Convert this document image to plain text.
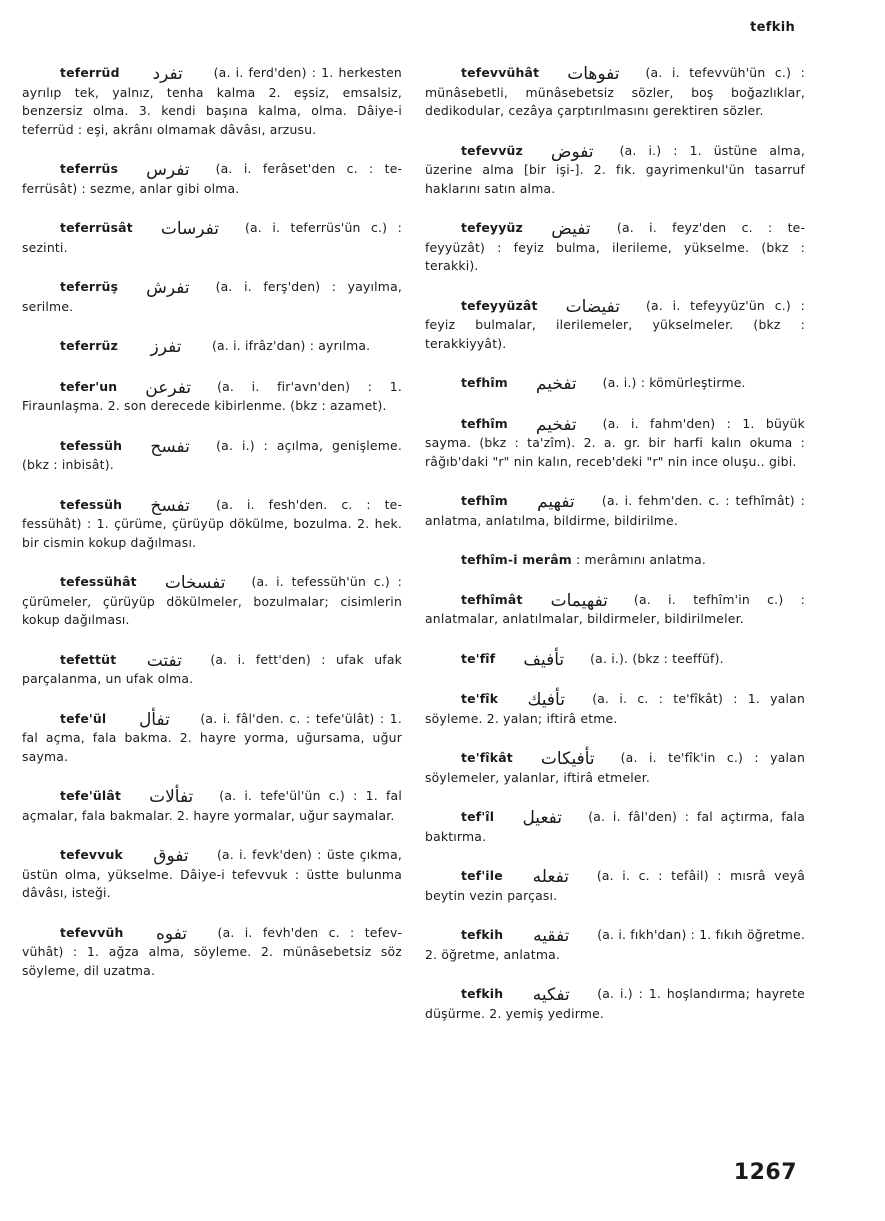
tefkih
teferrüd تفرد (a. i. ferd'den) : 1. herkesten ayrılıp tek, yalnız, tenha kalma 2. eşsiz, emsalsiz, benzersiz olma. 3. kendi başına kalma, olma. Dâiye-i teferrüd : eşi, akrânı olmamak dâvâsı, arzusu.
teferrüs تفرس (a. i. ferâset'den c. : teferrüsât) : sezme, anlar gibi olma.
teferrüsât تفرسات (a. i. teferrüs'ün c.) : sezinti.
teferrüş تفرش (a. i. ferş'den) : yayılma, serilme.
teferrüz تفرز (a. i. ifrâz'dan) : ayrılma.
tefer'un تفرعن (a. i. fir'avn'den) : 1. Firaunlaşma. 2. son derecede kibirlenme. (bkz : azamet).
tefessüh تفسح (a. i.) : açılma, genişleme. (bkz : inbisât).
tefessüh تفسخ (a. i. fesh'den. c. : tefessühât) : 1. çürüme, çürüyüp dökülme, bozulma. 2. hek. bir cismin kokup dağılması.
tefessühât تفسخات (a. i. tefessüh'ün c.) : çürümeler, çürüyüp dökülmeler, bozulmalar; cisimlerin kokup dağılması.
tefettüt تفتت (a. i. fett'den) : ufak ufak parçalanma, un ufak olma.
tefe'ül تفأل (a. i. fâl'den. c. : tefe'ülât) : 1. fal açma, fala bakma. 2. hayre yorma, uğursama, uğur sayma.
tefe'ülât تفألات (a. i. tefe'ül'ün c.) : 1. fal açmalar, fala bakmalar. 2. hayre yormalar, uğur saymalar.
tefevvuk تفوق (a. i. fevk'den) : üste çıkma, üstün olma, yükselme. Dâiye-i tefevvuk : üstte bulunma dâvâsı, isteği.
tefevvüh تفوه (a. i. fevh'den c. : tefevvühât) : 1. ağza alma, söyleme. 2. münâsebetsiz söz söyleme, dil uzatma.
tefevvühât تفوهات (a. i. tefevvüh'ün c.) : münâsebetli, münâsebetsiz sözler, boş boğazlıklar, dedikodular, cezâya çarptırılmasını gerektiren sözler.
tefevvüz تفوض (a. i.) : 1. üstüne alma, üzerine alma [bir işi-]. 2. fık. gayrimenkul'ün tasarruf haklarını satın alma.
tefeyyüz تفيض (a. i. feyz'den c. : tefeyyüzât) : feyiz bulma, ilerileme, yükselme. (bkz : terakki).
tefeyyüzât تفيضات (a. i. tefeyyüz'ün c.) : feyiz bulmalar, ilerilemeler, yükselmeler. (bkz : terakkiyyât).
tefhîm تفخيم (a. i.) : kömürleştirme.
tefhîm تفخيم (a. i. fahm'den) : 1. büyük sayma. (bkz : ta'zîm). 2. a. gr. bir harfi kalın okuma : râğıb'daki "r" nin kalın, receb'deki "r" nin ince oluşu.. gibi.
tefhîm تفهيم (a. i. fehm'den. c. : tefhîmât) : anlatma, anlatılma, bildirme, bildirilme.
tefhîm-i merâm : merâmını anlatma.
tefhîmât تفهيمات (a. i. tefhîm'in c.) : anlatmalar, anlatılmalar, bildirmeler, bildirilmeler.
te'fîf تأفيف (a. i.). (bkz : teeffüf).
te'fîk تأفيك (a. i. c. : te'fîkât) : 1. yalan söyleme. 2. yalan; iftirâ etme.
te'fîkât تأفيكات (a. i. te'fîk'in c.) : yalan söylemeler, yalanlar, iftirâ etmeler.
tef'îl تفعيل (a. i. fâl'den) : fal açtırma, fala baktırma.
tef'ile تفعله (a. i. c. : tefâil) : mısrâ veyâ beytin vezin parçası.
tefkih تفقيه (a. i. fıkh'dan) : 1. fıkıh öğretme. 2. öğretme, anlatma.
tefkih تفكيه (a. i.) : 1. hoşlandırma; hayrete düşürme. 2. yemiş yedirme.
1267
